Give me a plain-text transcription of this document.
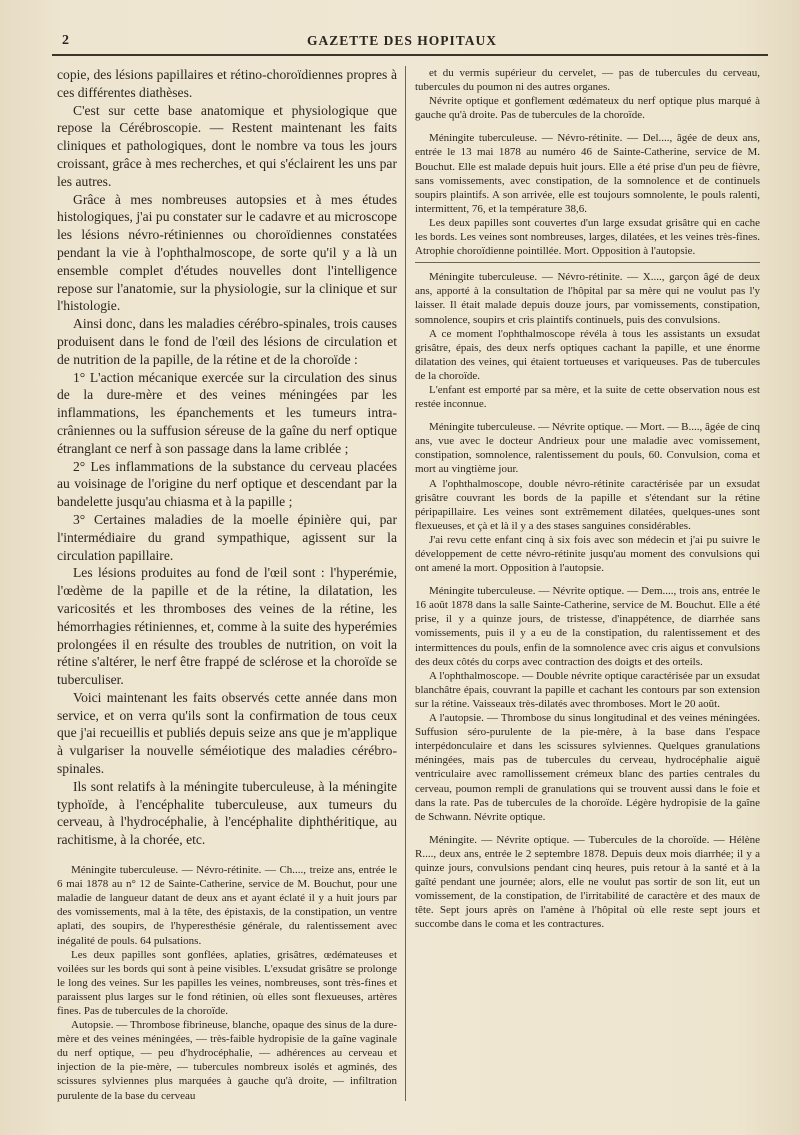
2	GAZETTE DES HOPITAUX

copie, des lésions papillaires et rétino-choroïdiennes propres à ces différentes diathèses.

C'est sur cette base anatomique et physiologique que repose la Cérébroscopie. — Restent maintenant les faits cliniques et pathologiques, dont le nombre va tous les jours croissant, grâce à mes recherches, et qui s'éclairent les uns par les autres.

Grâce à mes nombreuses autopsies et à mes études histologiques, j'ai pu constater sur le cadavre et au microscope les lésions névro-rétiniennes ou choroïdiennes constatées pendant la vie à l'ophthalmoscope, de sorte qu'il y a là un ensemble complet d'études nouvelles dont l'intelligence repose sur l'anatomie, sur la physiologie, sur la clinique et sur l'histologie.

Ainsi donc, dans les maladies cérébro-spinales, trois causes produisent dans le fond de l'œil des lésions de circulation et de nutrition de la papille, de la rétine et de la choroïde :

1° L'action mécanique exercée sur la circulation des sinus de la dure-mère et des veines méningées par les inflammations, les épanchements et les tumeurs intra-crâniennes ou la suffusion séreuse de la gaîne du nerf optique étranglant ce nerf à son passage dans la lame criblée ;

2° Les inflammations de la substance du cerveau placées au voisinage de l'origine du nerf optique et descendant par la bandelette jusqu'au chiasma et à la papille ;

3° Certaines maladies de la moelle épinière qui, par l'intermédiaire du grand sympathique, agissent sur la circulation papillaire.

Les lésions produites au fond de l'œil sont : l'hyperémie, l'œdème de la papille et de la rétine, la dilatation, les varicosités et les thromboses des veines de la rétine, les hémorrhagies rétiniennes, et, comme à la suite des hyperémies prolongées il en résulte des troubles de nutrition, on voit la rétine s'altérer, le nerf être frappé de sclérose et la choroïde se tuberculiser.

Voici maintenant les faits observés cette année dans mon service, et on verra qu'ils sont la confirmation de tous ceux que j'ai recueillis et publiés depuis seize ans que je m'applique à vulgariser la nouvelle séméiotique des maladies cérébro-spinales.

Ils sont relatifs à la méningite tuberculeuse, à la méningite typhoïde, à l'encéphalite tuberculeuse, aux tumeurs du cerveau, à l'hydrocéphalie, à l'encéphalite diphthéritique, au rachitisme, à la chorée, etc.

Méningite tuberculeuse. — Névro-rétinite. — Ch...., treize ans, entrée le 6 mai 1878 au n° 12 de Sainte-Catherine, service de M. Bouchut, pour une maladie de langueur datant de deux ans et ayant éclaté il y a huit jours par des vomissements, mal à la tête, des épistaxis, de la constipation, un ventre aplati, des soupirs, de l'hyperesthésie générale, du ralentissement avec inégalité de pouls. 64 pulsations.

Les deux papilles sont gonflées, aplaties, grisâtres, œdémateuses et voilées sur les bords qui sont à peine visibles. L'exsudat grisâtre se prolonge le long des veines. Sur les papilles les veines, nombreuses, sont très-fines et paraissent plus larges sur le fond rétinien, où elles sont flexueuses, artères fines. Pas de tubercules de la choroïde.

Autopsie. — Thrombose fibrineuse, blanche, opaque des sinus de la dure-mère et des veines méningées, — très-faible hydropisie de la gaîne vaginale du nerf optique, — peu d'hydrocéphalie, — adhérences au cerveau et injection de la pie-mère, — tubercules nombreux isolés et agminés, des scissures sylviennes plus marquées à gauche qu'à droite, — infiltration purulente de la base du cerveau

et du vermis supérieur du cervelet, — pas de tubercules du cerveau, tubercules du poumon ni des autres organes.

Névrite optique et gonflement œdémateux du nerf optique plus marqué à gauche qu'à droite. Pas de tubercules de la choroïde.

Méningite tuberculeuse. — Névro-rétinite. — Del...., âgée de deux ans, entrée le 13 mai 1878 au numéro 46 de Sainte-Catherine, service de M. Bouchut. Elle est malade depuis huit jours. Elle a été prise d'un peu de fièvre, sans vomissements, avec constipation, de la somnolence et de continuels soupirs plaintifs. A son arrivée, elle est toujours somnolente, le pouls ralenti, intermittent, 76, et la température 38,6.

Les deux papilles sont couvertes d'un large exsudat grisâtre qui en cache les bords. Les veines sont nombreuses, larges, dilatées, et les veines très-fines. Atrophie choroïdienne pointillée. Mort. Opposition à l'autopsie.

Méningite tuberculeuse. — Névro-rétinite. — X...., garçon âgé de deux ans, apporté à la consultation de l'hôpital par sa mère qui ne voulut pas l'y laisser. Il était malade depuis douze jours, par vomissements, constipation, somnolence, soupirs et cris plaintifs continuels, puis des convulsions.

A ce moment l'ophthalmoscope révéla à tous les assistants un exsudat grisâtre, épais, des deux nerfs optiques cachant la papille, et une énorme dilatation des veines, qui étaient tortueuses et variqueuses. Pas de tubercules de la choroïde.

L'enfant est emporté par sa mère, et la suite de cette observation nous est restée inconnue.

Méningite tuberculeuse. — Névrite optique. — Mort. — B...., âgée de cinq ans, vue avec le docteur Andrieux pour une maladie avec vomissement, constipation, somnolence, ralentissement du pouls, 60. Convulsion, coma et mort au vingtième jour.

A l'ophthalmoscope, double névro-rétinite caractérisée par un exsudat grisâtre couvrant les bords de la papille et s'étendant sur la rétine péripapillaire. Les veines sont extrêmement dilatées, quelques-unes sont flexueuses, et çà et là il y a des stases sanguines considérables.

J'ai revu cette enfant cinq à six fois avec son médecin et j'ai pu suivre le développement de cette névro-rétinite jusqu'au moment des convulsions qui ont amené la mort. Opposition à l'autopsie.

Méningite tuberculeuse. — Névrite optique. — Dem...., trois ans, entrée le 16 août 1878 dans la salle Sainte-Catherine, service de M. Bouchut. Elle a été prise, il y a quinze jours, de tristesse, d'inappétence, de diarrhée sans vomissements, puis il y a eu de la constipation, du ralentissement et des intermittences du pouls, enfin de la somnolence avec cris aigus et convulsions des deux côtés du corps avec contraction des doigts et des orteils.

A l'ophthalmoscope. — Double névrite optique caractérisée par un exsudat blanchâtre épais, couvrant la papille et cachant les contours par son extension sur la rétine. Vaisseaux très-dilatés avec thromboses. Mort le 20 août.

A l'autopsie. — Thrombose du sinus longitudinal et des veines méningées. Suffusion séro-purulente de la pie-mère, à la base dans l'espace interpédonculaire et dans les scissures sylviennes. Quelques granulations méningées, mais pas de tubercules du cerveau, hydrocéphalie aiguë ventriculaire avec ramollissement crémeux blanc des parties centrales du cerveau, poumon rempli de granulations qui se trouvent aussi dans le foie et dans la rate. Pas de tubercules de la choroïde. Légère hydropisie de la gaîne de Schwann. Névrite optique.

Méningite. — Névrite optique. — Tubercules de la choroïde. — Hélène R...., deux ans, entrée le 2 septembre 1878. Depuis deux mois diarrhée; il y a quinze jours, convulsions pendant cinq heures, puis retour à la santé et à la gaîté pendant une journée; alors, elle ne voulut pas sortir de son lit, eut un vomissement, de la constipation, de l'irritabilité de caractère et des maux de tête. Sept jours après on l'amène à l'hôpital où elle reste sept jours et succombe dans le coma et les contractures.
